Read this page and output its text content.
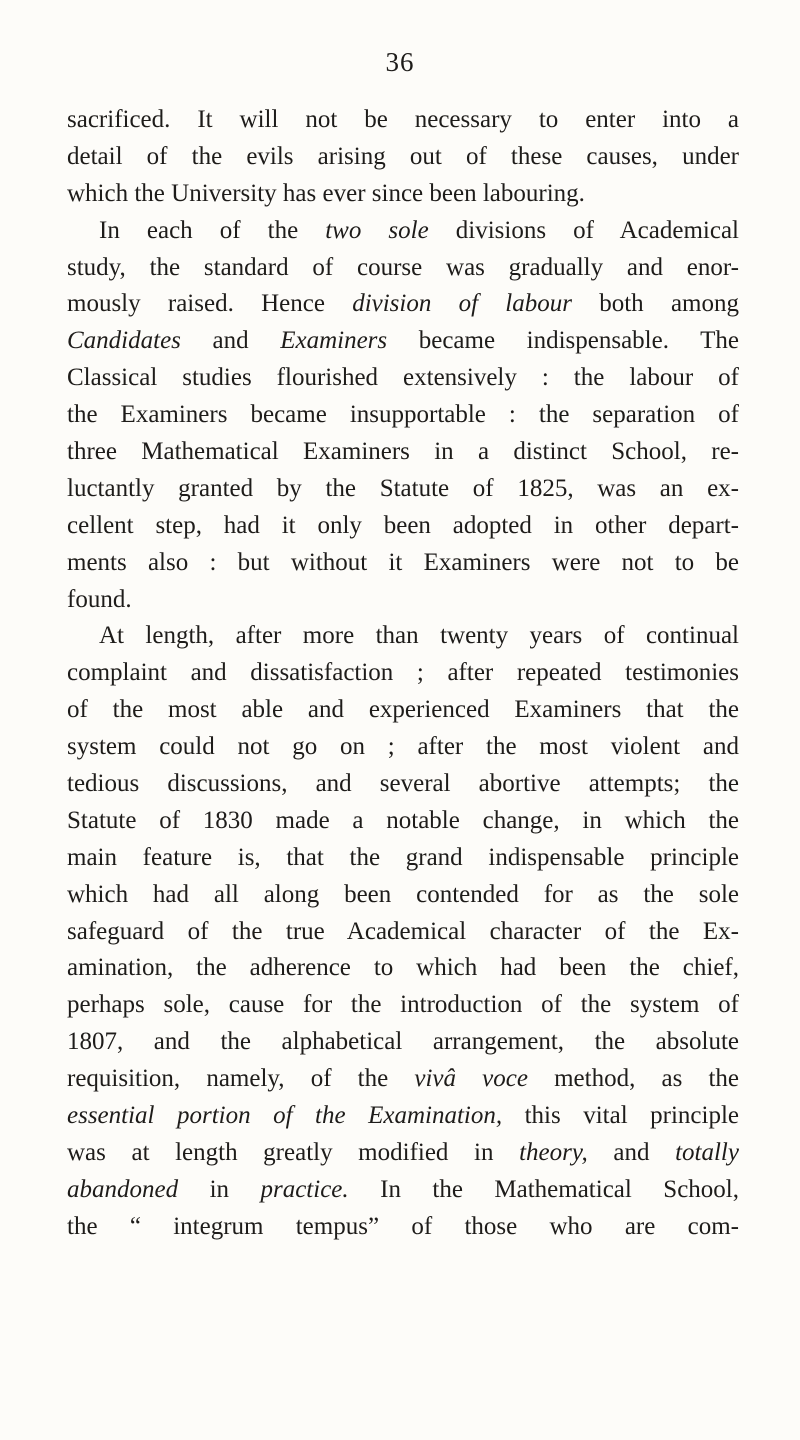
36
sacrificed. It will not be necessary to enter into a
detail of the evils arising out of these causes, under
which the University has ever since been labouring.
In each of the two sole divisions of Academical
study, the standard of course was gradually and enor-
mously raised. Hence division of labour both among
Candidates and Examiners became indispensable. The
Classical studies flourished extensively : the labour of
the Examiners became insupportable : the separation of
three Mathematical Examiners in a distinct School, re-
luctantly granted by the Statute of 1825, was an ex-
cellent step, had it only been adopted in other depart-
ments also : but without it Examiners were not to be
found.
At length, after more than twenty years of continual
complaint and dissatisfaction ; after repeated testimonies
of the most able and experienced Examiners that the
system could not go on ; after the most violent and
tedious discussions, and several abortive attempts; the
Statute of 1830 made a notable change, in which the
main feature is, that the grand indispensable principle
which had all along been contended for as the sole
safeguard of the true Academical character of the Ex-
amination, the adherence to which had been the chief,
perhaps sole, cause for the introduction of the system of
1807, and the alphabetical arrangement, the absolute
requisition, namely, of the vivâ voce method, as the
essential portion of the Examination, this vital principle
was at length greatly modified in theory, and totally
abandoned in practice. In the Mathematical School,
the “ integrum tempus” of those who are com-
